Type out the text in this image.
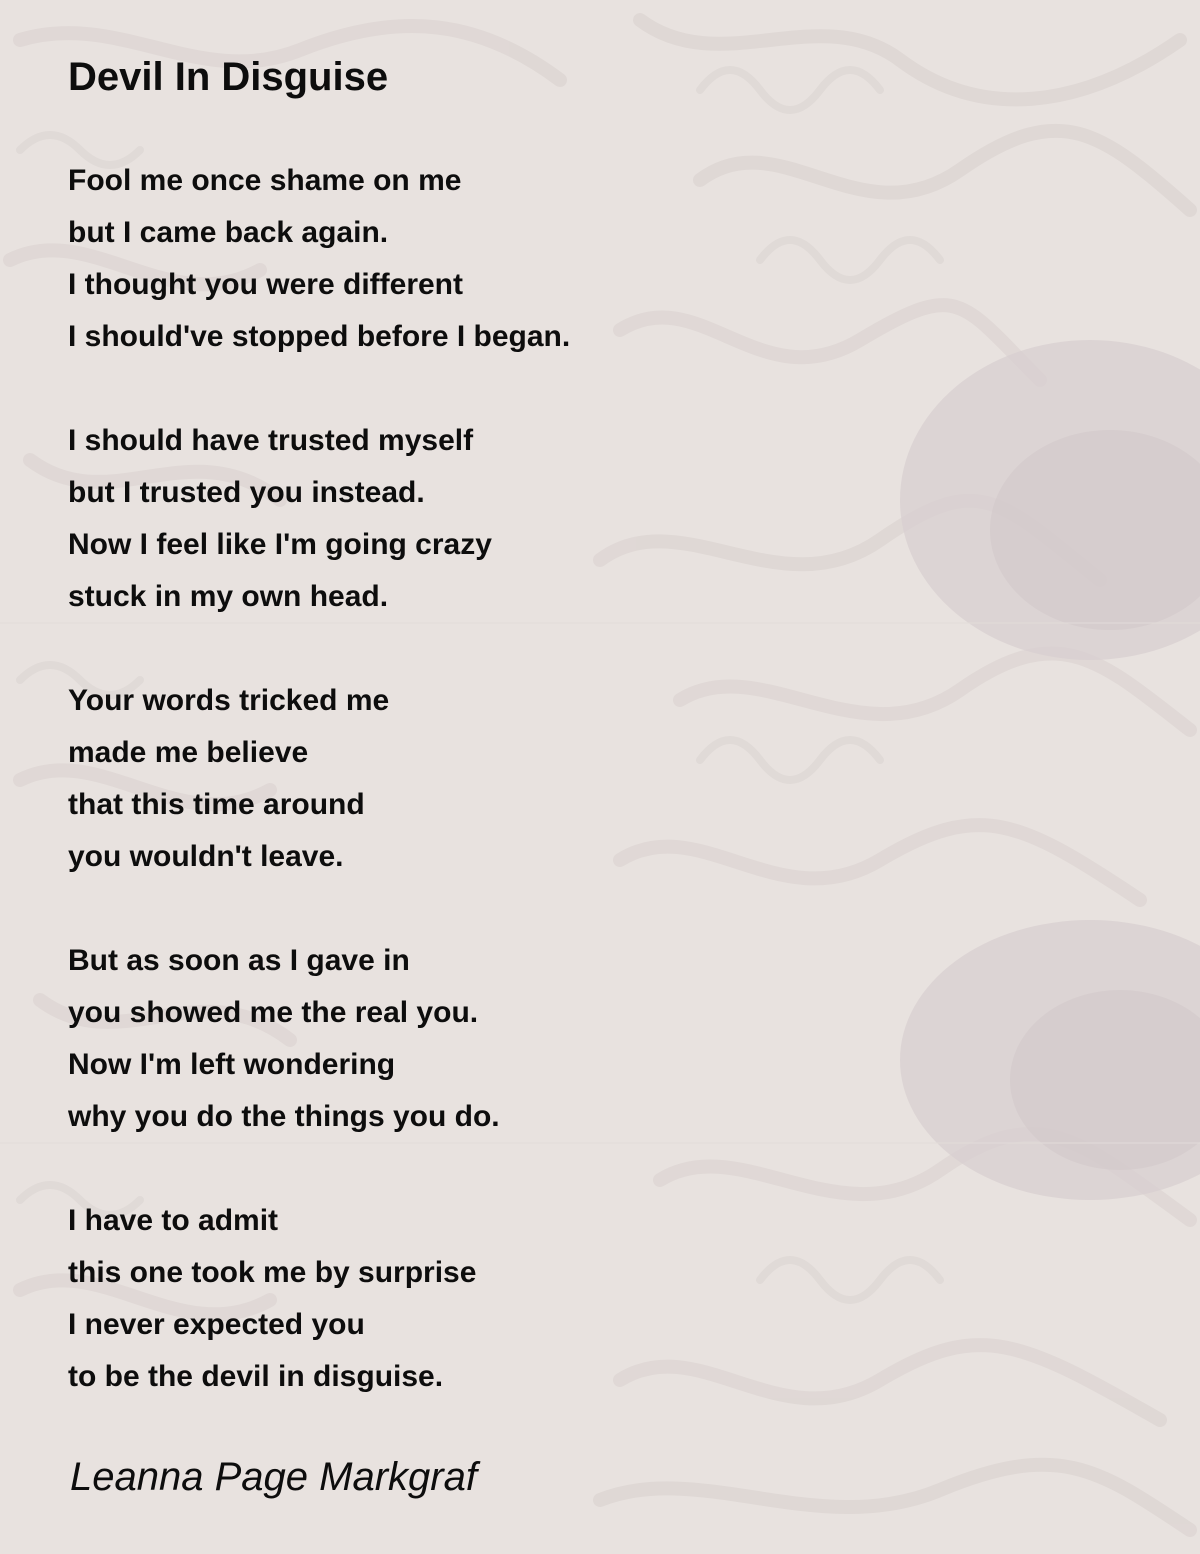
Devil In Disguise
Fool me once shame on me
but I came back again.
I thought you were different
I should've stopped before I began.
I should have trusted myself
but I trusted you instead.
Now I feel like I'm going crazy
stuck in my own head.
Your words tricked me
made me believe
that this time around
you wouldn't leave.
But as soon as I gave in
you showed me the real you.
Now I'm left wondering
why you do the things you do.
I have to admit
this one took me by surprise
I never expected you
to be the devil in disguise.

Leanna Page Markgraf
